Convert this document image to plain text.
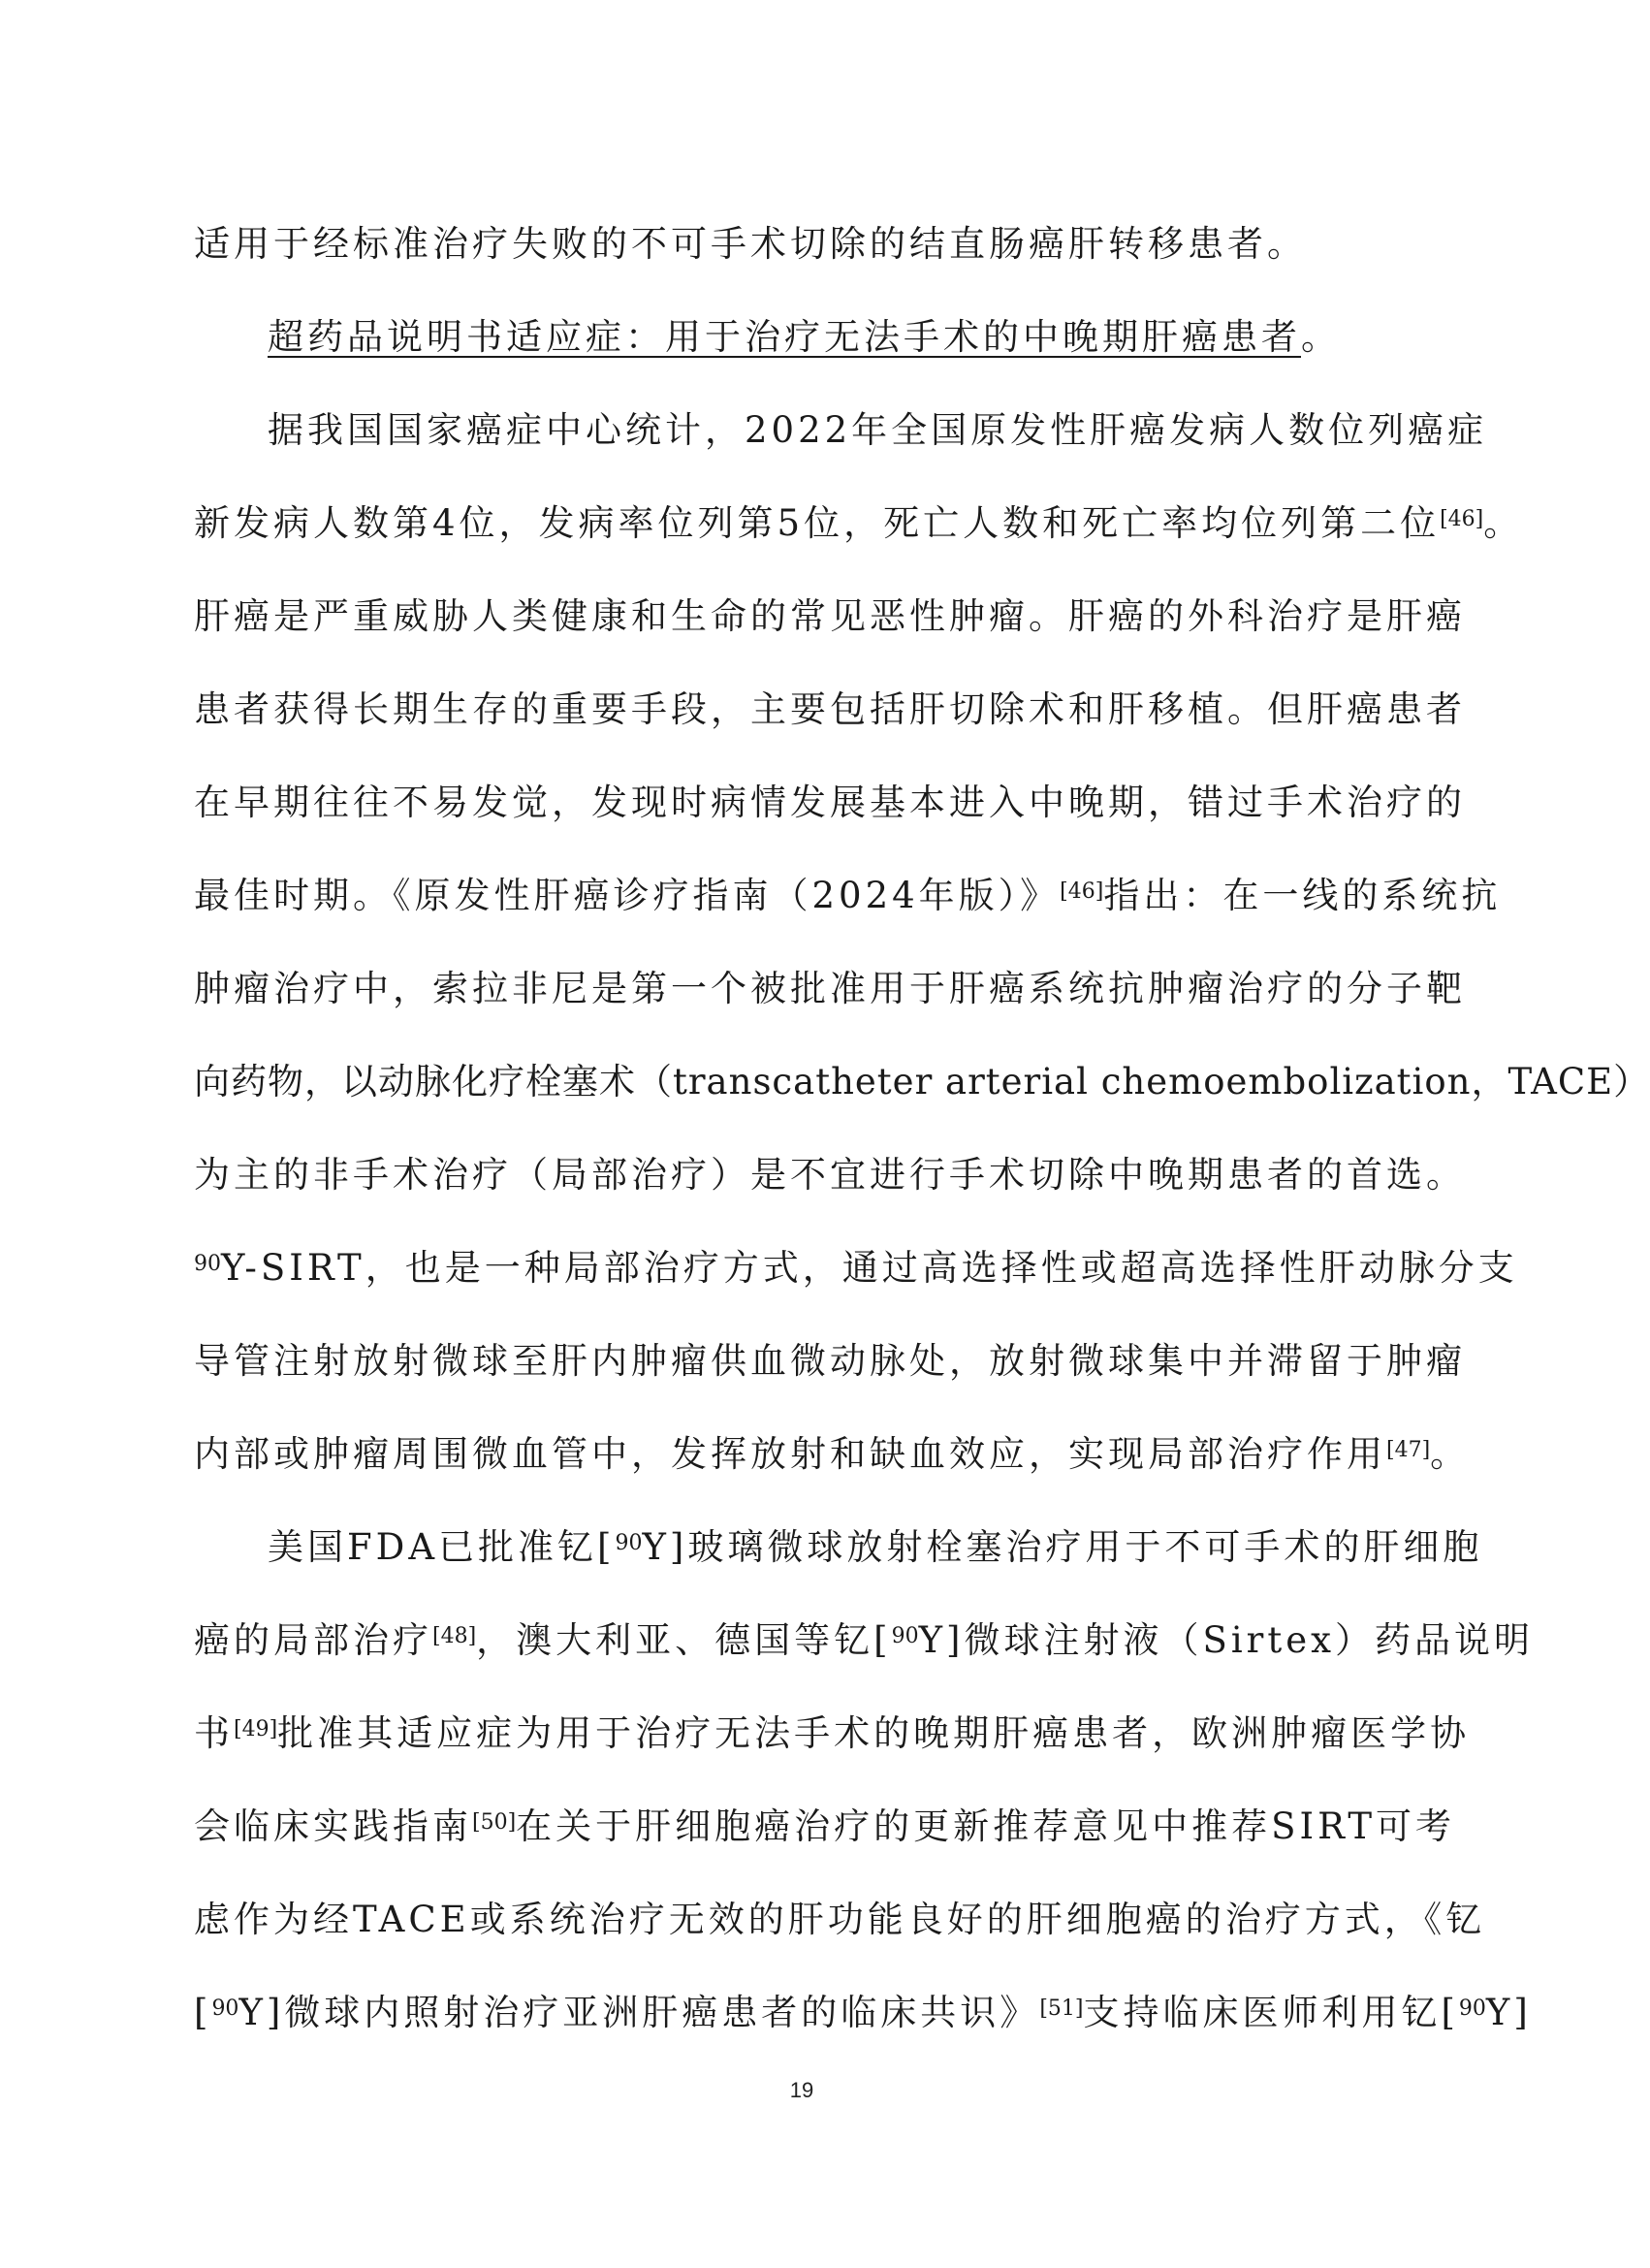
适用于经标准治疗失败的不可手术切除的结直肠癌肝转移患者。
超药品说明书适应症：用于治疗无法手术的中晚期肝癌患者。
据我国国家癌症中心统计，2022年全国原发性肝癌发病人数位列癌症
新发病人数第4位，发病率位列第5位，死亡人数和死亡率均位列第二位[46]。
肝癌是严重威胁人类健康和生命的常见恶性肿瘤。肝癌的外科治疗是肝癌
患者获得长期生存的重要手段，主要包括肝切除术和肝移植。但肝癌患者
在早期往往不易发觉，发现时病情发展基本进入中晚期，错过手术治疗的
最佳时期。《原发性肝癌诊疗指南（2024年版）》[46]指出：在一线的系统抗
肿瘤治疗中，索拉非尼是第一个被批准用于肝癌系统抗肿瘤治疗的分子靶
向药物，以动脉化疗栓塞术（transcatheter arterial chemoembolization，TACE）
为主的非手术治疗（局部治疗）是不宜进行手术切除中晚期患者的首选。
$^{90}$Y-SIRT，也是一种局部治疗方式，通过高选择性或超高选择性肝动脉分支
导管注射放射微球至肝内肿瘤供血微动脉处，放射微球集中并滞留于肿瘤
内部或肿瘤周围微血管中，发挥放射和缺血效应，实现局部治疗作用[47]。
美国FDA已批准钇[$^{90}$Y]玻璃微球放射栓塞治疗用于不可手术的肝细胞
癌的局部治疗[48]，澳大利亚、德国等钇[$^{90}$Y]微球注射液（Sirtex）药品说明
书[49]批准其适应症为用于治疗无法手术的晚期肝癌患者，欧洲肿瘤医学协
会临床实践指南[50]在关于肝细胞癌治疗的更新推荐意见中推荐SIRT可考
虑作为经TACE或系统治疗无效的肝功能良好的肝细胞癌的治疗方式，《钇
[$^{90}$Y]微球内照射治疗亚洲肝癌患者的临床共识》[51]支持临床医师利用钇[$^{90}$Y]
19
